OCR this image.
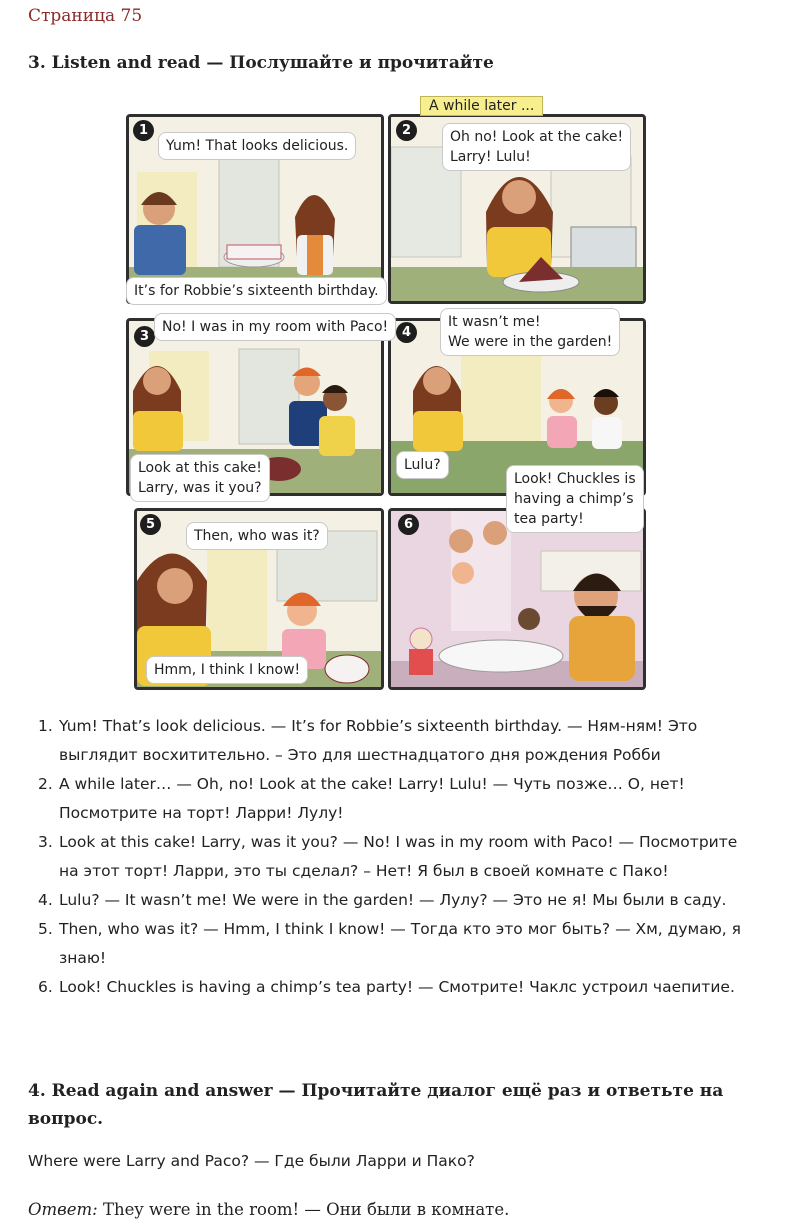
Страница 75
3. Listen and read — Послушайте и прочитайте
1	2
3	4
5	6
A while later ...
Yum! That looks delicious.
It’s for Robbie’s sixteenth birthday.
Oh no! Look at the cake!
Larry! Lulu!
No! I was in my room with Paco!
Look at this cake!
Larry, was it you?
It wasn’t me!
We were in the garden!
Lulu?
Then, who was it?
Hmm, I think I know!
Look! Chuckles is
having a chimp’s
tea party!
1. Yum! That’s look delicious. — It’s for Robbie’s sixteenth birthday. — Ням-ням! Это выглядит восхитительно. – Это для шестнадцатого дня рождения Робби
2. A while later… — Oh, no! Look at the cake! Larry! Lulu! — Чуть позже… О, нет! Посмотрите на торт! Ларри! Лулу!
3. Look at this cake! Larry, was it you? — No! I was in my room with Paco! — Посмотрите на этот торт! Ларри, это ты сделал? – Нет! Я был в своей комнате с Пако!
4. Lulu? — It wasn’t me! We were in the garden! — Лулу? — Это не я! Мы были в саду.
5. Then, who was it? — Hmm, I think I know! — Тогда кто это мог быть? — Хм, думаю, я знаю!
6. Look! Chuckles is having a chimp’s tea party! — Смотрите! Чаклс устроил чаепитие.
4. Read again and answer — Прочитайте диалог ещё раз и ответьте на вопрос.
Where were Larry and Paco? — Где были Ларри и Пако?
Ответ: They were in the room! — Они были в комнате.
